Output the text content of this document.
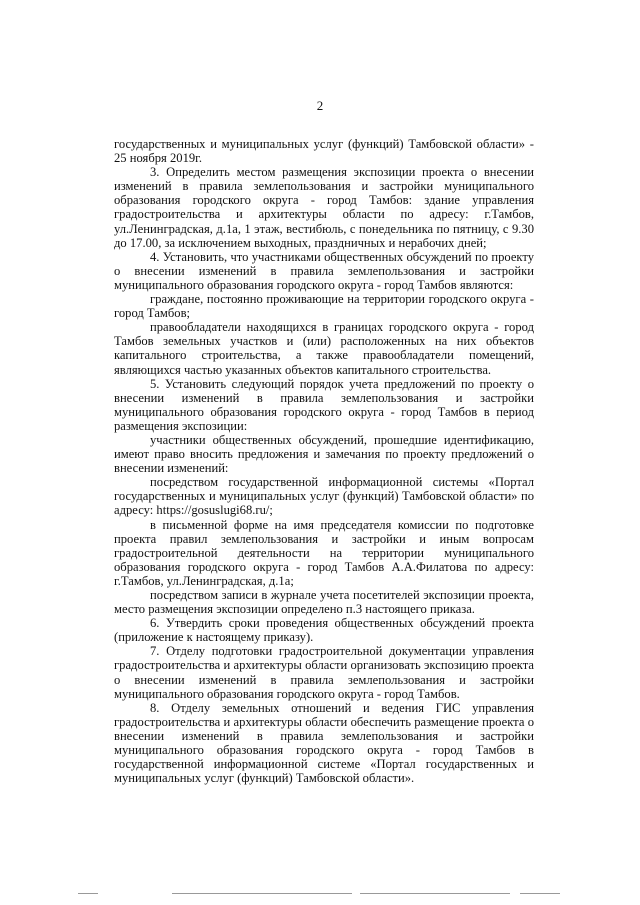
2

государственных и муниципальных услуг (функций) Тамбовской области» - 25 ноября 2019г.

3. Определить местом размещения экспозиции проекта о внесении изменений в правила землепользования и застройки муниципального образования городского округа - город Тамбов: здание управления градостроительства и архитектуры области по адресу: г.Тамбов, ул.Ленинградская, д.1а, 1 этаж, вестибюль, с понедельника по пятницу, с 9.30 до 17.00, за исключением выходных, праздничных и нерабочих дней;

4. Установить, что участниками общественных обсуждений по проекту о внесении изменений в правила землепользования и застройки муниципального образования городского округа - город Тамбов являются:

граждане, постоянно проживающие на территории городского округа - город Тамбов;

правообладатели находящихся в границах городского округа - город Тамбов земельных участков и (или) расположенных на них объектов капитального строительства, а также правообладатели помещений, являющихся частью указанных объектов капитального строительства.

5. Установить следующий порядок учета предложений по проекту о внесении изменений в правила землепользования и застройки муниципального образования городского округа - город Тамбов в период размещения экспозиции:

участники общественных обсуждений, прошедшие идентификацию, имеют право вносить предложения и замечания по проекту предложений о внесении изменений:

посредством государственной информационной системы «Портал государственных и муниципальных услуг (функций) Тамбовской области» по адресу: https://gosuslugi68.ru/;

в письменной форме на имя председателя комиссии по подготовке проекта правил землепользования и застройки и иным вопросам градостроительной деятельности на территории муниципального образования городского округа - город Тамбов А.А.Филатова по адресу: г.Тамбов, ул.Ленинградская, д.1а;

посредством записи в журнале учета посетителей экспозиции проекта, место размещения экспозиции определено п.3 настоящего приказа.

6. Утвердить сроки проведения общественных обсуждений проекта (приложение к настоящему приказу).

7. Отделу подготовки градостроительной документации управления градостроительства и архитектуры области организовать экспозицию проекта о внесении изменений в правила землепользования и застройки муниципального образования городского округа - город Тамбов.

8. Отделу земельных отношений и ведения ГИС управления градостроительства и архитектуры области обеспечить размещение проекта о внесении изменений в правила землепользования и застройки муниципального образования городского округа - город Тамбов в государственной информационной системе «Портал государственных и муниципальных услуг (функций) Тамбовской области».
